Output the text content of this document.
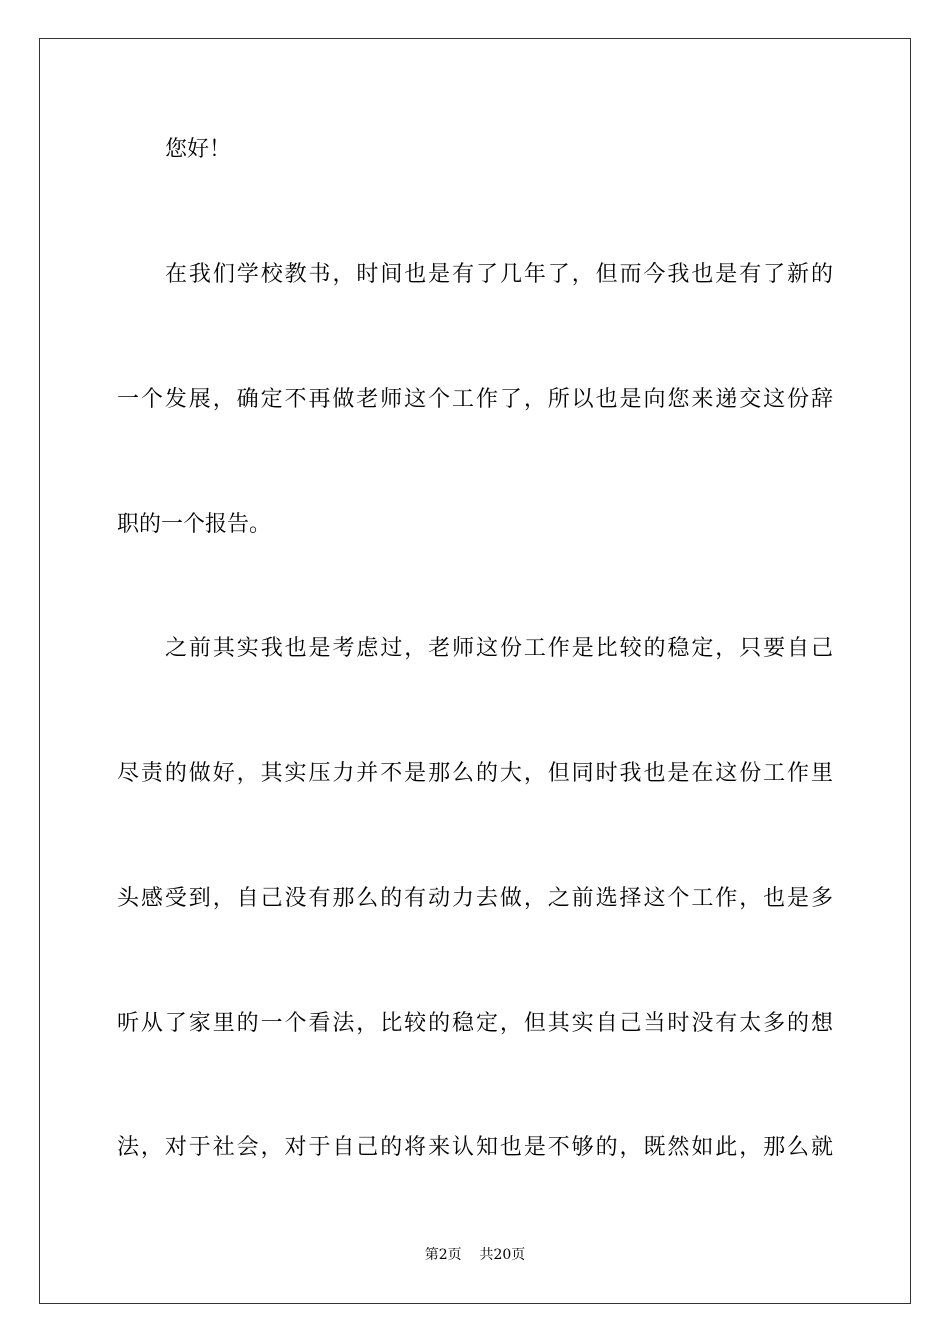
您好！
在我们学校教书，时间也是有了几年了，但而今我也是有了新的
一个发展，确定不再做老师这个工作了，所以也是向您来递交这份辞
职的一个报告。
之前其实我也是考虑过，老师这份工作是比较的稳定，只要自己
尽责的做好，其实压力并不是那么的大，但同时我也是在这份工作里
头感受到，自己没有那么的有动力去做，之前选择这个工作，也是多
听从了家里的一个看法，比较的稳定，但其实自己当时没有太多的想
法，对于社会，对于自己的将来认知也是不够的，既然如此，那么就
第2页    共20页
